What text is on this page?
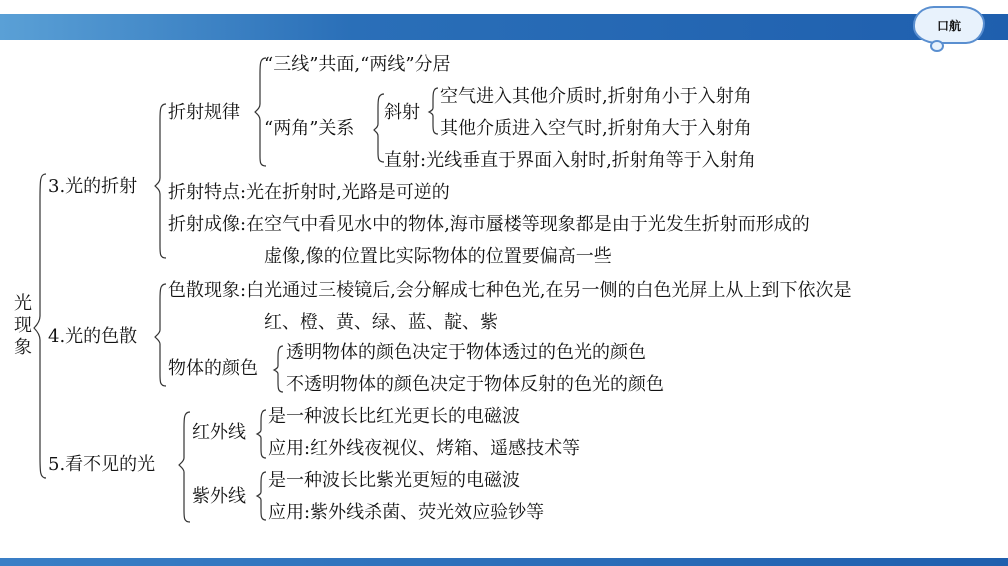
口航
光现象
3.光的折射
折射规律
“三线”共面,“两线”分居
“两角”关系
斜射
空气进入其他介质时,折射角小于入射角
其他介质进入空气时,折射角大于入射角
直射:光线垂直于界面入射时,折射角等于入射角
折射特点:光在折射时,光路是可逆的
折射成像:在空气中看见水中的物体,海市蜃楼等现象都是由于光发生折射而形成的
虚像,像的位置比实际物体的位置要偏高一些
4.光的色散
色散现象:白光通过三棱镜后,会分解成七种色光,在另一侧的白色光屏上从上到下依次是
红、橙、黄、绿、蓝、靛、紫
物体的颜色
透明物体的颜色决定于物体透过的色光的颜色
不透明物体的颜色决定于物体反射的色光的颜色
5.看不见的光
红外线
是一种波长比红光更长的电磁波
应用:红外线夜视仪、烤箱、遥感技术等
紫外线
是一种波长比紫光更短的电磁波
应用:紫外线杀菌、荧光效应验钞等
